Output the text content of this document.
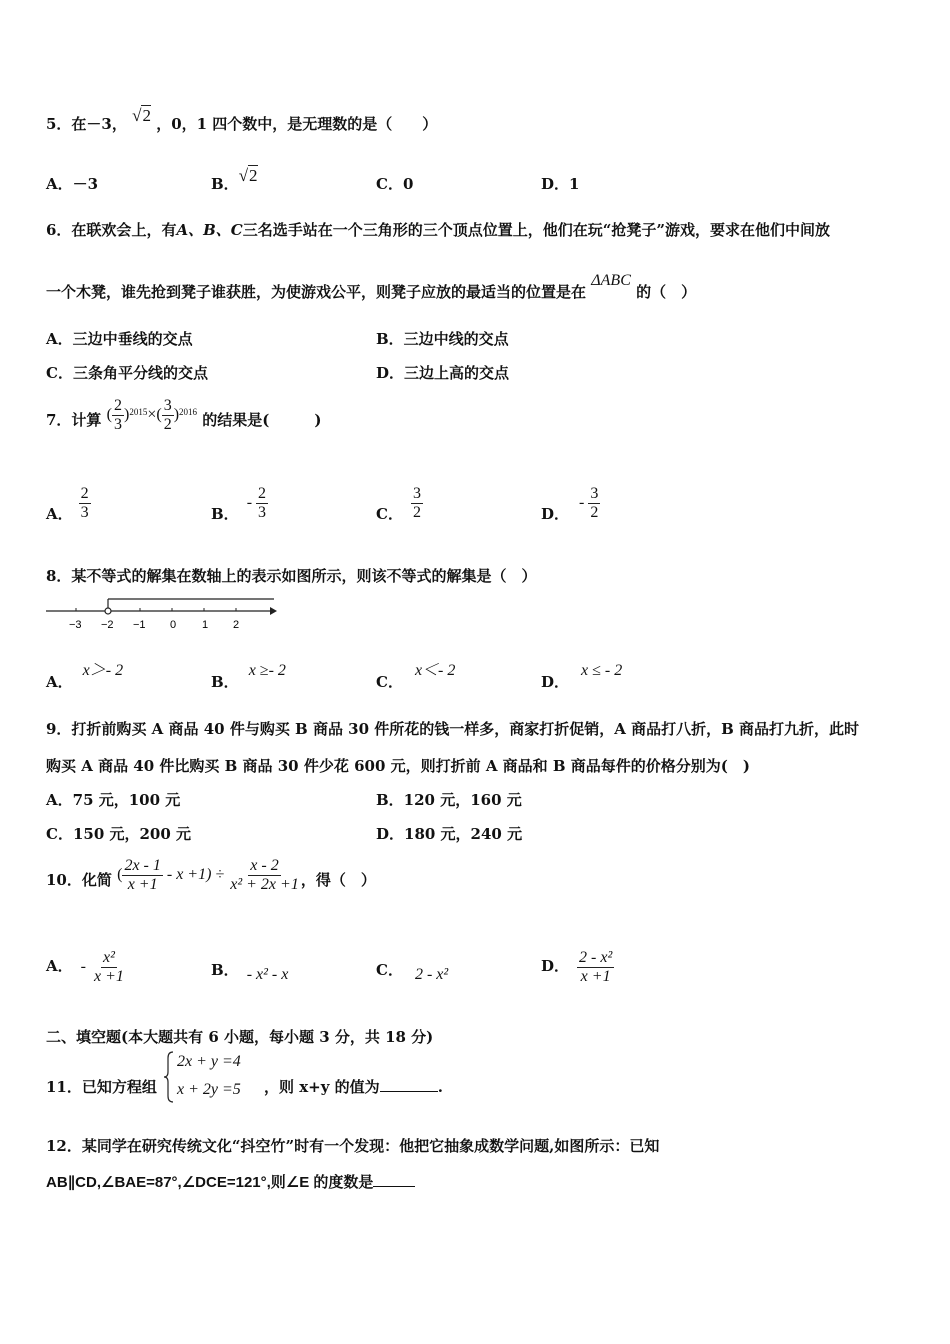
5．在－3， √2 ，0，1 四个数中，是无理数的是（　　）
A．－3	B．√2	C．0	D．1
6．在联欢会上，有A、B、C三名选手站在一个三角形的三个顶点位置上，他们在玩“抢凳子”游戏，要求在他们中间放
一个木凳，谁先抢到凳子谁获胜，为使游戏公平，则凳子应放的最适当的位置是在 ΔABC 的（　）
A．三边中垂线的交点	B．三边中线的交点
C．三条角平分线的交点	D．三边上高的交点
7．计算 ( $\frac{2}{3} )^{2015}\times( \frac{3}{2} )^{2016}$ 的结果是(　　　)
A． $\frac{2}{3}$	B．- $\frac{2}{3}$	C． $\frac{3}{2}$	D．- $\frac{3}{2}$
8．某不等式的解集在数轴上的表示如图所示，则该不等式的解集是（　）
−3 −2 −1 0 1 2
A．x＞- 2
B．x ≥- 2
C．x＜- 2
D．x ≤ - 2
9．打折前购买 A 商品 40 件与购买 B 商品 30 件所花的钱一样多，商家打折促销，A 商品打八折，B 商品打九折，此时
购买 A 商品 40 件比购买 B 商品 30 件少花 600 元，则打折前 A 商品和 B 商品每件的价格分别为(　)
A．75 元，100 元	B．120 元，160 元
C．150 元，200 元	D．180 元，240 元
10．化简 ( $\frac{2x - 1}{x +1} - x +1) \div \frac{x - 2}{\text{x² + 2x +1}}$ ，得（　）
A． - $\frac{\text{x²}}{x +1}$	B． - x² - x	C． 2 - x²	D． $\frac{\text{2 - x²}}{x +1}$
二、填空题(本大题共有 6 小题，每小题 3 分，共 18 分)
11．已知方程组
2x + y =4
x + 2y =5 ，则 x+y 的值为	.
12．某同学在研究传统文化“抖空竹”时有一个发现：他把它抽象成数学问题,如图所示：已知
AB∥CD,∠BAE=87°,∠DCE=121°,则∠E 的度数是
